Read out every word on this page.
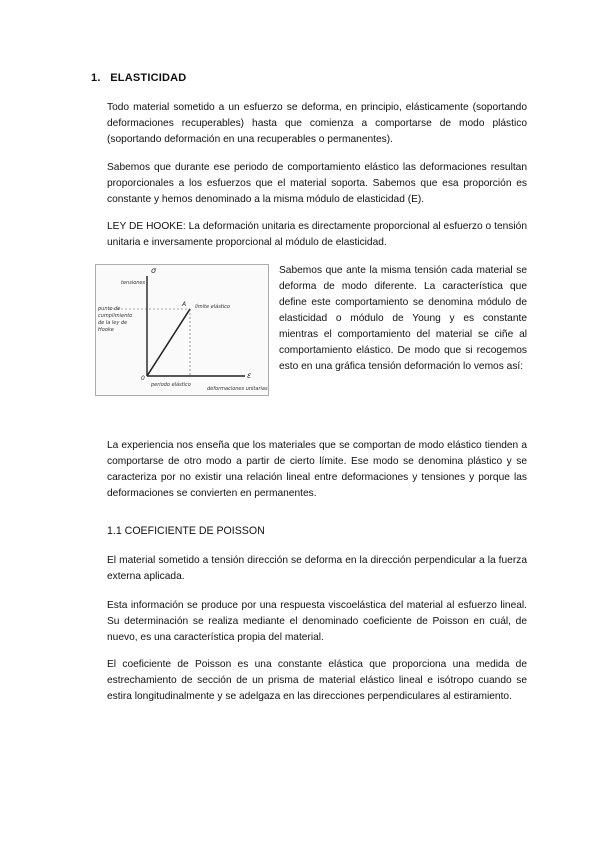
1. ELASTICIDAD

Todo material sometido a un esfuerzo se deforma, en principio, elásticamente (soportando deformaciones recuperables) hasta que comienza a comportarse de modo plástico (soportando deformación en una recuperables o permanentes).

Sabemos que durante ese periodo de comportamiento elástico las deformaciones resultan proporcionales a los esfuerzos que el material soporta. Sabemos que esa proporción es constante y hemos denominado a la misma módulo de elasticidad (E).

LEY DE HOOKE: La deformación unitaria es directamente proporcional al esfuerzo o tensión unitaria e inversamente proporcional al módulo de elasticidad.

σ
tensiones
A límite elástico
0
periodo elástico
ε
deformaciones unitarias
punto de
cumplimiento
de la ley de
Hooke

Sabemos que ante la misma tensión cada material se deforma de modo diferente. La característica que define este comportamiento se denomina módulo de elasticidad o módulo de Young y es constante mientras el comportamiento del material se ciñe al comportamiento elástico. De modo que si recogemos esto en una gráfica tensión deformación lo vemos así:

La experiencia nos enseña que los materiales que se comportan de modo elástico tienden a comportarse de otro modo a partir de cierto límite. Ese modo se denomina plástico y se caracteriza por no existir una relación lineal entre deformaciones y tensiones y porque las deformaciones se convierten en permanentes.

1.1 COEFICIENTE DE POISSON

El material sometido a tensión dirección se deforma en la dirección perpendicular a la fuerza externa aplicada.

Esta información se produce por una respuesta viscoelástica del material al esfuerzo lineal. Su determinación se realiza mediante el denominado coeficiente de Poisson en cuál, de nuevo, es una característica propia del material.

El coeficiente de Poisson es una constante elástica que proporciona una medida de estrechamiento de sección de un prisma de material elástico lineal e isótropo cuando se estira longitudinalmente y se adelgaza en las direcciones perpendiculares al estiramiento.
